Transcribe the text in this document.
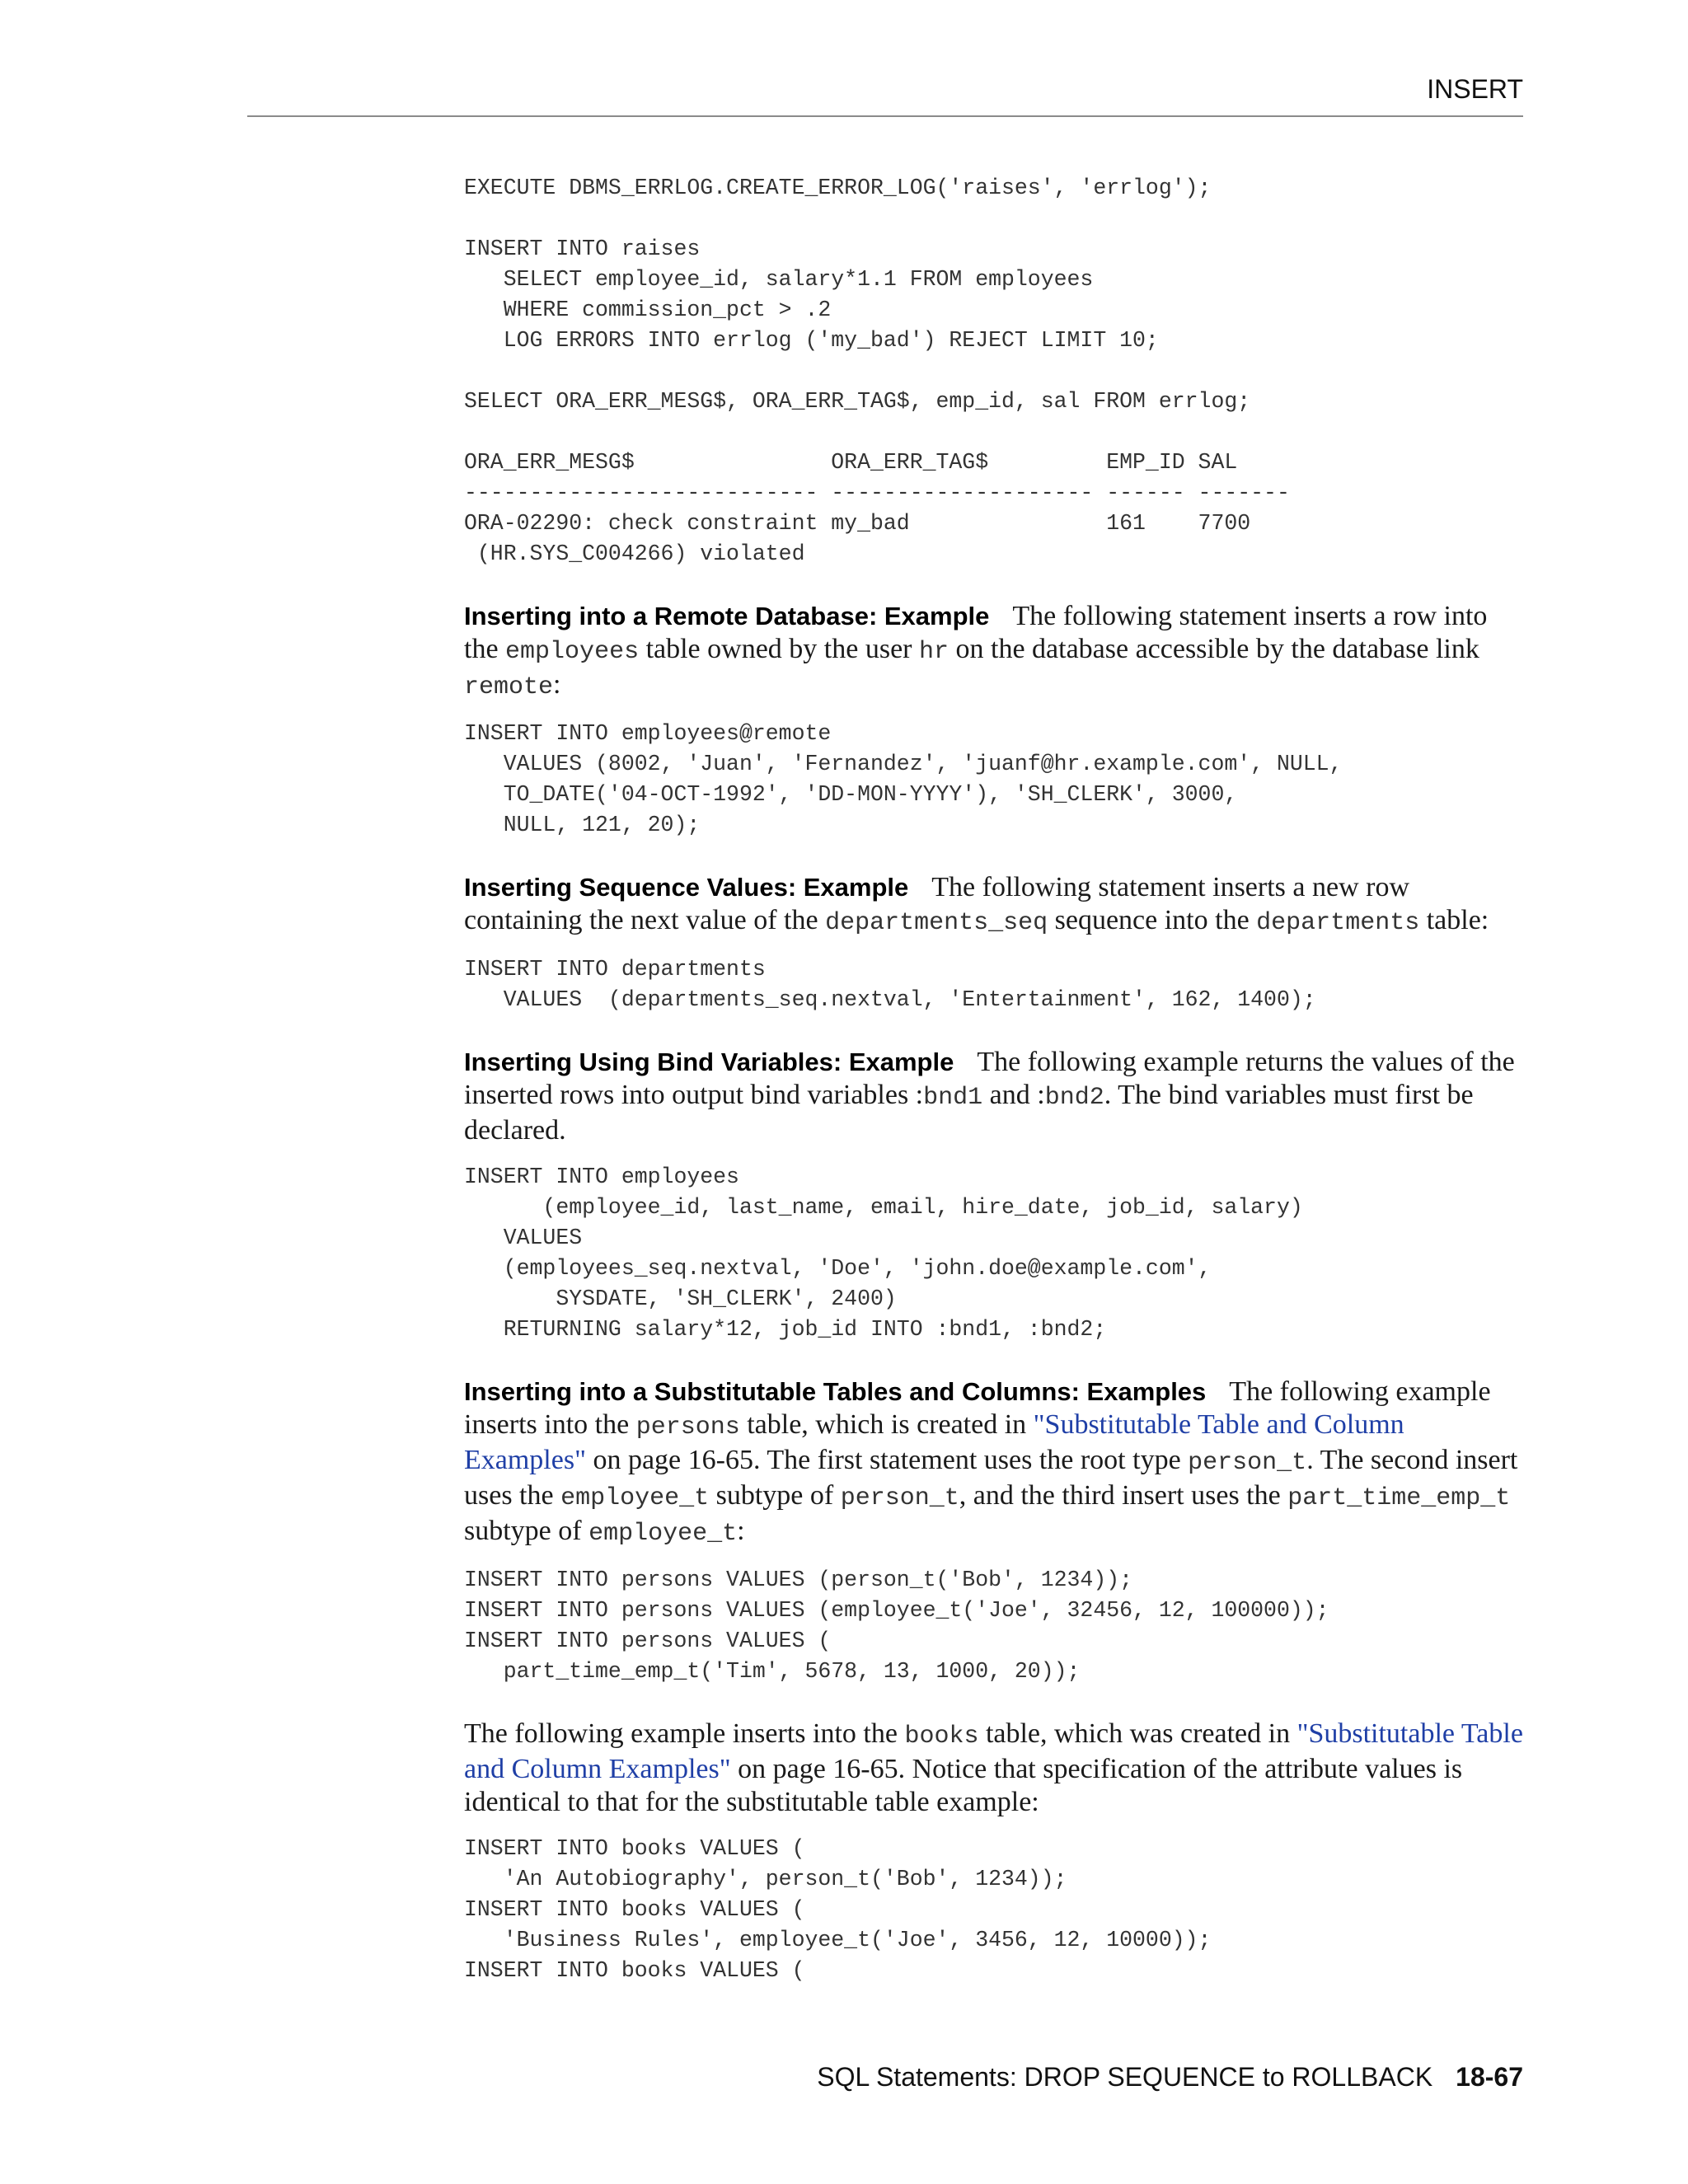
INSERT
EXECUTE DBMS_ERRLOG.CREATE_ERROR_LOG('raises', 'errlog');

INSERT INTO raises
SELECT employee_id, salary*1.1 FROM employees
WHERE commission_pct > .2
LOG ERRORS INTO errlog ('my_bad') REJECT LIMIT 10;

SELECT ORA_ERR_MESG$, ORA_ERR_TAG$, emp_id, sal FROM errlog;

ORA_ERR_MESG$               ORA_ERR_TAG$         EMP_ID SAL
--------------------------- -------------------- ------ -------
ORA-02290: check constraint my_bad               161    7700
(HR.SYS_C004266) violated

Inserting into a Remote Database: Example The following statement inserts a row into the employees table owned by the user hr on the database accessible by the database link remote:

INSERT INTO employees@remote
VALUES (8002, 'Juan', 'Fernandez', 'juanf@hr.example.com', NULL,
TO_DATE('04-OCT-1992', 'DD-MON-YYYY'), 'SH_CLERK', 3000,
NULL, 121, 20);

Inserting Sequence Values: Example The following statement inserts a new row containing the next value of the departments_seq sequence into the departments table:

INSERT INTO departments
VALUES  (departments_seq.nextval, 'Entertainment', 162, 1400);

Inserting Using Bind Variables: Example The following example returns the values of the inserted rows into output bind variables :bnd1 and :bnd2. The bind variables must first be declared.

INSERT INTO employees
(employee_id, last_name, email, hire_date, job_id, salary)
VALUES
(employees_seq.nextval, 'Doe', 'john.doe@example.com',
SYSDATE, 'SH_CLERK', 2400)
RETURNING salary*12, job_id INTO :bnd1, :bnd2;

Inserting into a Substitutable Tables and Columns: Examples The following example inserts into the persons table, which is created in "Substitutable Table and Column Examples" on page 16-65. The first statement uses the root type person_t. The second insert uses the employee_t subtype of person_t, and the third insert uses the part_time_emp_t subtype of employee_t:

INSERT INTO persons VALUES (person_t('Bob', 1234));
INSERT INTO persons VALUES (employee_t('Joe', 32456, 12, 100000));
INSERT INTO persons VALUES (
part_time_emp_t('Tim', 5678, 13, 1000, 20));

The following example inserts into the books table, which was created in "Substitutable Table and Column Examples" on page 16-65. Notice that specification of the attribute values is identical to that for the substitutable table example:

INSERT INTO books VALUES (
'An Autobiography', person_t('Bob', 1234));
INSERT INTO books VALUES (
'Business Rules', employee_t('Joe', 3456, 12, 10000));
INSERT INTO books VALUES (
SQL Statements: DROP SEQUENCE to ROLLBACK 18-67
